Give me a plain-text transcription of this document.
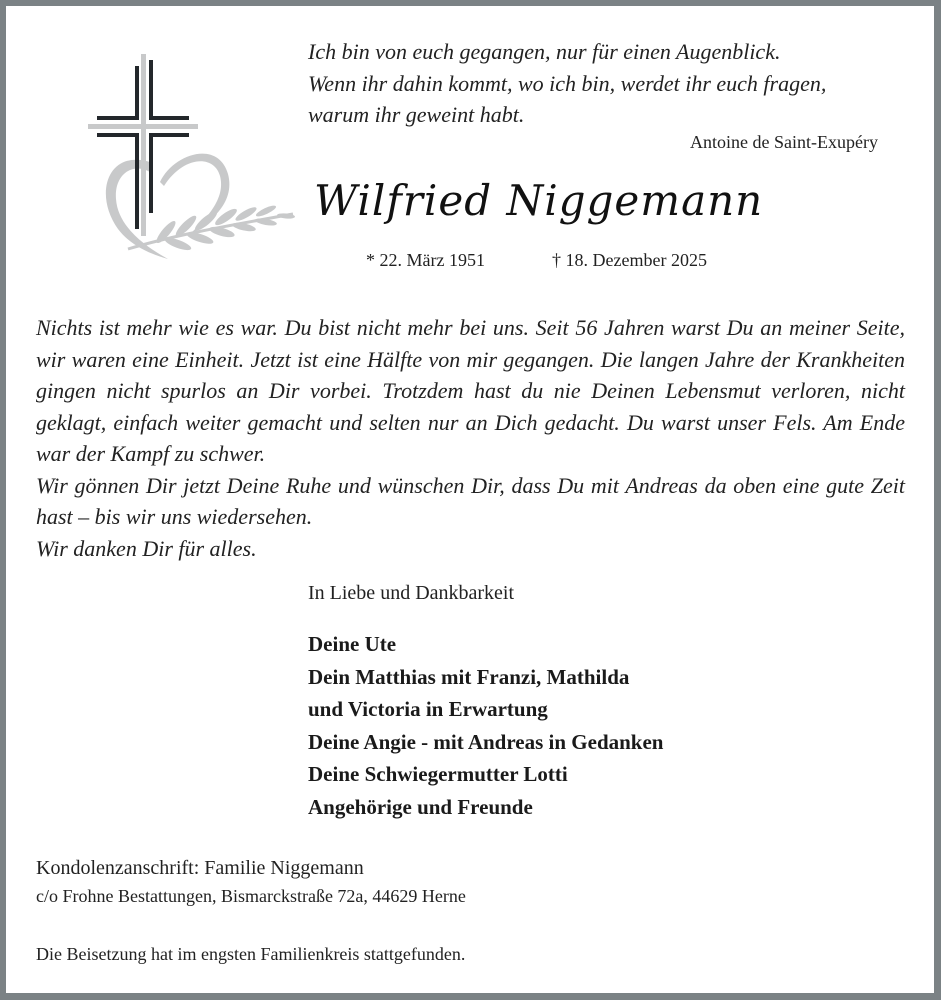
Ich bin von euch gegangen, nur für einen Augenblick.
Wenn ihr dahin kommt, wo ich bin, werdet ihr euch fragen,
warum ihr geweint habt.
Antoine de Saint-Exupéry
Wilfried Niggemann
* 22. März 1951	† 18. Dezember 2025

Nichts ist mehr wie es war. Du bist nicht mehr bei uns. Seit 56 Jahren warst Du an meiner Seite, wir waren eine Einheit. Jetzt ist eine Hälfte von mir gegangen. Die langen Jahre der Krankheiten gingen nicht spurlos an Dir vorbei. Trotzdem hast du nie Deinen Lebensmut verloren, nicht geklagt, einfach weiter gemacht und selten nur an Dich gedacht. Du warst unser Fels. Am Ende war der Kampf zu schwer.

Wir gönnen Dir jetzt Deine Ruhe und wünschen Dir, dass Du mit Andreas da oben eine gute Zeit hast – bis wir uns wiedersehen.

Wir danken Dir für alles.

In Liebe und Dankbarkeit
Deine Ute
Dein Matthias mit Franzi, Mathilda
und Victoria in Erwartung
Deine Angie - mit Andreas in Gedanken
Deine Schwiegermutter Lotti
Angehörige und Freunde
Kondolenzanschrift: Familie Niggemann
c/o Frohne Bestattungen, Bismarckstraße 72a, 44629 Herne
Die Beisetzung hat im engsten Familienkreis stattgefunden.
